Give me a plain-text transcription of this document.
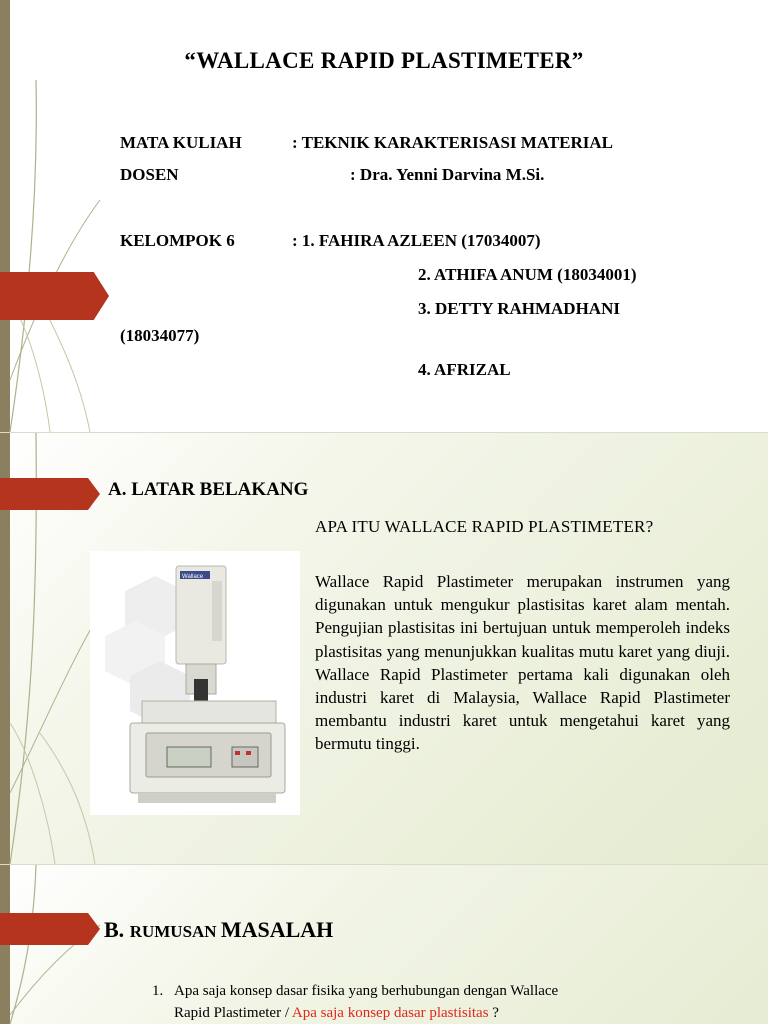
“WALLACE RAPID PLASTIMETER”
MATA KULIAH	: TEKNIK KARAKTERISASI MATERIAL
DOSEN	: Dra. Yenni Darvina M.Si.
KELOMPOK 6	: 1. FAHIRA AZLEEN (17034007)
2. ATHIFA ANUM (18034001)
3. DETTY RAHMADHANI
(18034077)
4. AFRIZAL
A. LATAR BELAKANG
Wallace
APA ITU WALLACE RAPID PLASTIMETER?
Wallace Rapid Plastimeter merupakan instrumen yang digunakan untuk mengukur plastisitas karet alam mentah. Pengujian plastisitas ini bertujuan untuk memperoleh indeks plastisitas yang menunjukkan kualitas mutu karet yang diuji. Wallace Rapid Plastimeter pertama kali digunakan oleh industri karet di Malaysia, Wallace Rapid Plastimeter membantu industri karet untuk mengetahui karet yang bermutu tinggi.
B. RUMUSAN MASALAH
1. Apa saja konsep dasar fisika yang berhubungan dengan Wallace
Rapid Plastimeter / Apa saja konsep dasar plastisitas ?
